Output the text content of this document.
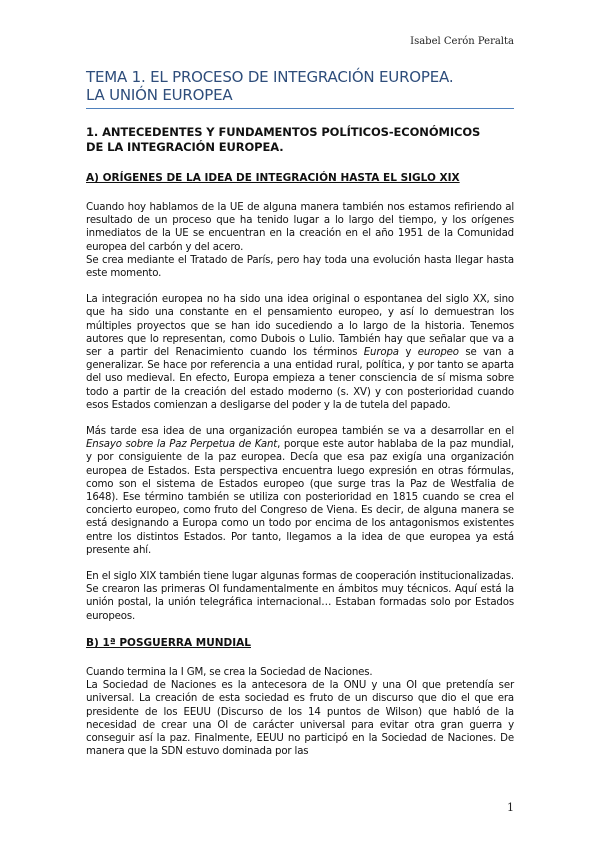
Isabel Cerón Peralta
TEMA 1. EL PROCESO DE INTEGRACIÓN EUROPEA.
LA UNIÓN EUROPEA
1. ANTECEDENTES Y FUNDAMENTOS POLÍTICOS-ECONÓMICOS
DE LA INTEGRACIÓN EUROPEA.
A) ORÍGENES DE LA IDEA DE INTEGRACIÓN HASTA EL SIGLO XIX

Cuando hoy hablamos de la UE de alguna manera también nos estamos refiriendo al resultado de un proceso que ha tenido lugar a lo largo del tiempo, y los orígenes inmediatos de la UE se encuentran en la creación en el año 1951 de la Comunidad europea del carbón y del acero.

Se crea mediante el Tratado de París, pero hay toda una evolución hasta llegar hasta este momento.

La integración europea no ha sido una idea original o espontanea del siglo XX, sino que ha sido una constante en el pensamiento europeo, y así lo demuestran los múltiples proyectos que se han ido sucediendo a lo largo de la historia. Tenemos autores que lo representan, como Dubois o Lulio. También hay que señalar que va a ser a partir del Renacimiento cuando los términos Europa y europeo se van a generalizar. Se hace por referencia a una entidad rural, política, y por tanto se aparta del uso medieval. En efecto, Europa empieza a tener consciencia de sí misma sobre todo a partir de la creación del estado moderno (s. XV) y con posterioridad cuando esos Estados comienzan a desligarse del poder y la de tutela del papado.

Más tarde esa idea de una organización europea también se va a desarrollar en el Ensayo sobre la Paz Perpetua de Kant, porque este autor hablaba de la paz mundial, y por consiguiente de la paz europea. Decía que esa paz exigía una organización europea de Estados. Esta perspectiva encuentra luego expresión en otras fórmulas, como son el sistema de Estados europeo (que surge tras la Paz de Westfalia de 1648). Ese término también se utiliza con posterioridad en 1815 cuando se crea el concierto europeo, como fruto del Congreso de Viena. Es decir, de alguna manera se está designando a Europa como un todo por encima de los antagonismos existentes entre los distintos Estados. Por tanto, llegamos a la idea de que europea ya está presente ahí.

En el siglo XIX también tiene lugar algunas formas de cooperación institucionalizadas. Se crearon las primeras OI fundamentalmente en ámbitos muy técnicos. Aquí está la unión postal, la unión telegráfica internacional… Estaban formadas solo por Estados europeos.

B) 1ª POSGUERRA MUNDIAL

Cuando termina la I GM, se crea la Sociedad de Naciones.

La Sociedad de Naciones es la antecesora de la ONU y una OI que pretendía ser universal. La creación de esta sociedad es fruto de un discurso que dio el que era presidente de los EEUU (Discurso de los 14 puntos de Wilson) que habló de la necesidad de crear una OI de carácter universal para evitar otra gran guerra y conseguir así la paz. Finalmente, EEUU no participó en la Sociedad de Naciones. De manera que la SDN estuvo dominada por las

1
